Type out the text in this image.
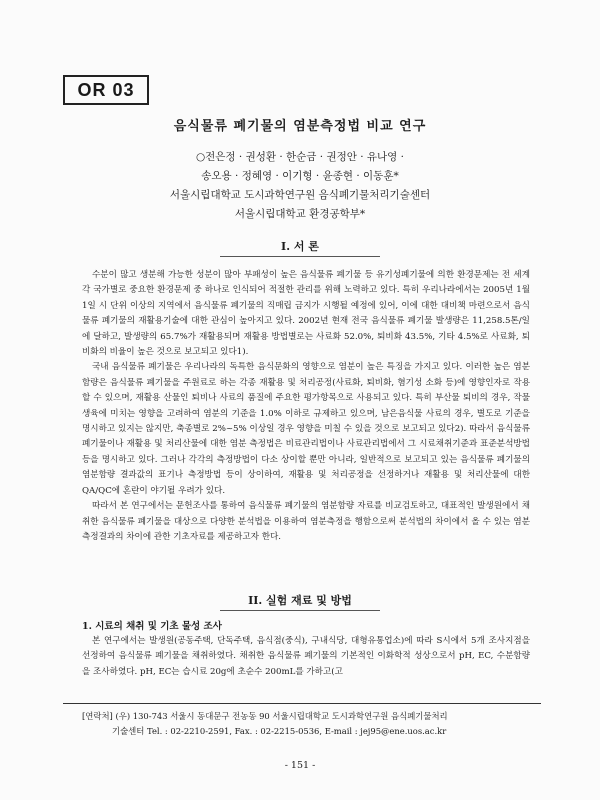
OR 03
음식물류 폐기물의 염분측정법 비교 연구
○전은정 · 권성환 · 한순금 · 권정안 · 유나영 ·
송오용 · 정혜영 · 이기형 · 윤종현 · 이동훈*
서울시립대학교 도시과학연구원 음식폐기물처리기술센터
서울시립대학교 환경공학부*
I. 서 론

수분이 많고 생분해 가능한 성분이 많아 부패성이 높은 음식물류 폐기물 등 유기성폐기물에 의한 환경문제는 전 세계 각 국가별로 중요한 환경문제 중 하나로 인식되어 적절한 관리를 위해 노력하고 있다. 특히 우리나라에서는 2005년 1월 1일 시 단위 이상의 지역에서 음식물류 폐기물의 직매립 금지가 시행될 예정에 있어, 이에 대한 대비책 마련으로서 음식물류 폐기물의 재활용기술에 대한 관심이 높아지고 있다. 2002년 현재 전국 음식물류 폐기물 발생량은 11,258.5톤/일에 달하고, 발생량의 65.7%가 재활용되며 재활용 방법별로는 사료화 52.0%, 퇴비화 43.5%, 기타 4.5%로 사료화, 퇴비화의 비율이 높은 것으로 보고되고 있다1).

국내 음식물류 폐기물은 우리나라의 독특한 음식문화의 영향으로 염분이 높은 특징을 가지고 있다. 이러한 높은 염분함량은 음식물류 폐기물을 주원료로 하는 각종 재활용 및 처리공정(사료화, 퇴비화, 혐기성 소화 등)에 영향인자로 작용할 수 있으며, 재활용 산물인 퇴비나 사료의 품질에 주요한 평가항목으로 사용되고 있다. 특히 부산물 퇴비의 경우, 작물생육에 미치는 영향을 고려하여 염분의 기준을 1.0% 이하로 규제하고 있으며, 남은음식물 사료의 경우, 별도로 기준을 명시하고 있지는 않지만, 축종별로 2%~5% 이상일 경우 영향을 미칠 수 있을 것으로 보고되고 있다2). 따라서 음식물류 폐기물이나 재활용 및 처리산물에 대한 염분 측정법은 비료관리법이나 사료관리법에서 그 시료채취기준과 표준분석방법 등을 명시하고 있다. 그러나 각각의 측정방법이 다소 상이할 뿐만 아니라, 일반적으로 보고되고 있는 음식물류 폐기물의 염분함량 결과값의 표기나 측정방법 등이 상이하여, 재활용 및 처리공정을 선정하거나 재활용 및 처리산물에 대한 QA/QC에 혼란이 야기될 우려가 있다.

따라서 본 연구에서는 문헌조사를 통하여 음식물류 폐기물의 염분함량 자료를 비교검토하고, 대표적인 발생원에서 채취한 음식물류 폐기물을 대상으로 다양한 분석법을 이용하여 염분측정을 행함으로써 분석법의 차이에서 올 수 있는 염분측정결과의 차이에 관한 기초자료를 제공하고자 한다.

II. 실험 재료 및 방법
1. 시료의 채취 및 기초 물성 조사

본 연구에서는 발생원(공동주택, 단독주택, 음식점(중식), 구내식당, 대형유통업소)에 따라 S시에서 5개 조사지점을 선정하여 음식물류 폐기물을 채취하였다. 채취한 음식물류 폐기물의 기본적인 이화학적 성상으로서 pH, EC, 수분함량을 조사하였다. pH, EC는 습시료 20g에 초순수 200mL를 가하고(고

[연락처] (우) 130-743 서울시 동대문구 전농동 90 서울시립대학교 도시과학연구원 음식폐기물처리
기술센터 Tel. : 02-2210-2591, Fax. : 02-2215-0536, E-mail : jej95@ene.uos.ac.kr
- 151 -
